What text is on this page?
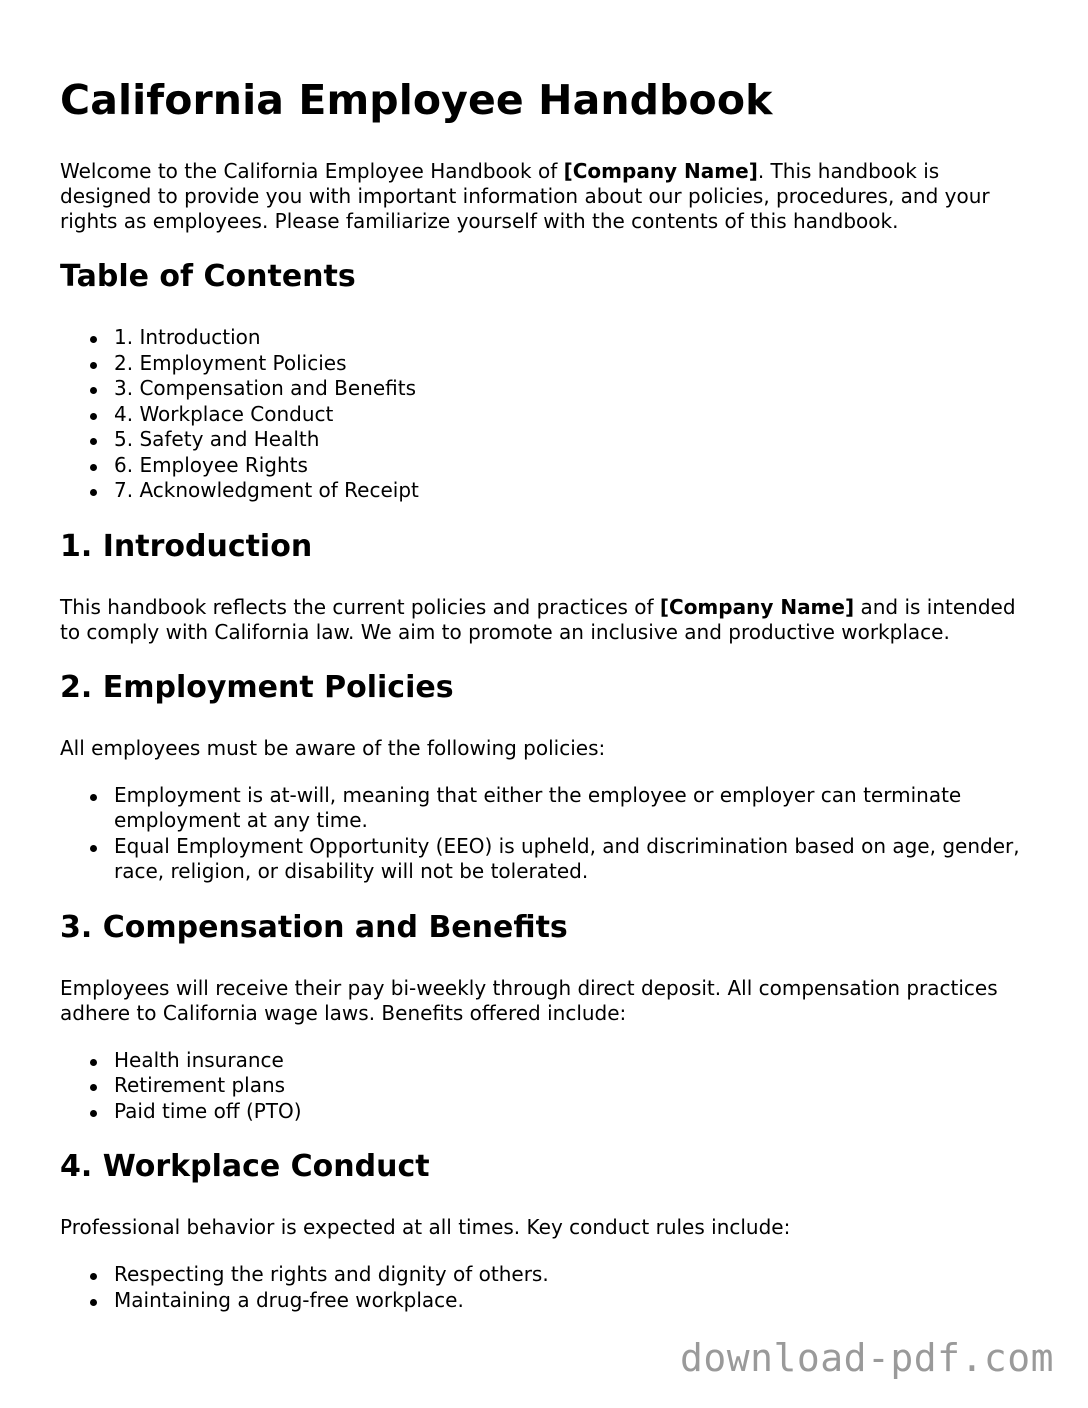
California Employee Handbook

Welcome to the California Employee Handbook of [Company Name]. This handbook is designed to provide you with important information about our policies, procedures, and your rights as employees. Please familiarize yourself with the contents of this handbook.

Table of Contents
1. Introduction
2. Employment Policies
3. Compensation and Benefits
4. Workplace Conduct
5. Safety and Health
6. Employee Rights
7. Acknowledgment of Receipt
1. Introduction

This handbook reflects the current policies and practices of [Company Name] and is intended to comply with California law. We aim to promote an inclusive and productive workplace.

2. Employment Policies

All employees must be aware of the following policies:

Employment is at-will, meaning that either the employee or employer can terminate employment at any time.
Equal Employment Opportunity (EEO) is upheld, and discrimination based on age, gender, race, religion, or disability will not be tolerated.
3. Compensation and Benefits

Employees will receive their pay bi-weekly through direct deposit. All compensation practices adhere to California wage laws. Benefits offered include:

Health insurance
Retirement plans
Paid time off (PTO)
4. Workplace Conduct

Professional behavior is expected at all times. Key conduct rules include:

Respecting the rights and dignity of others.
Maintaining a drug-free workplace.
download-pdf.com
